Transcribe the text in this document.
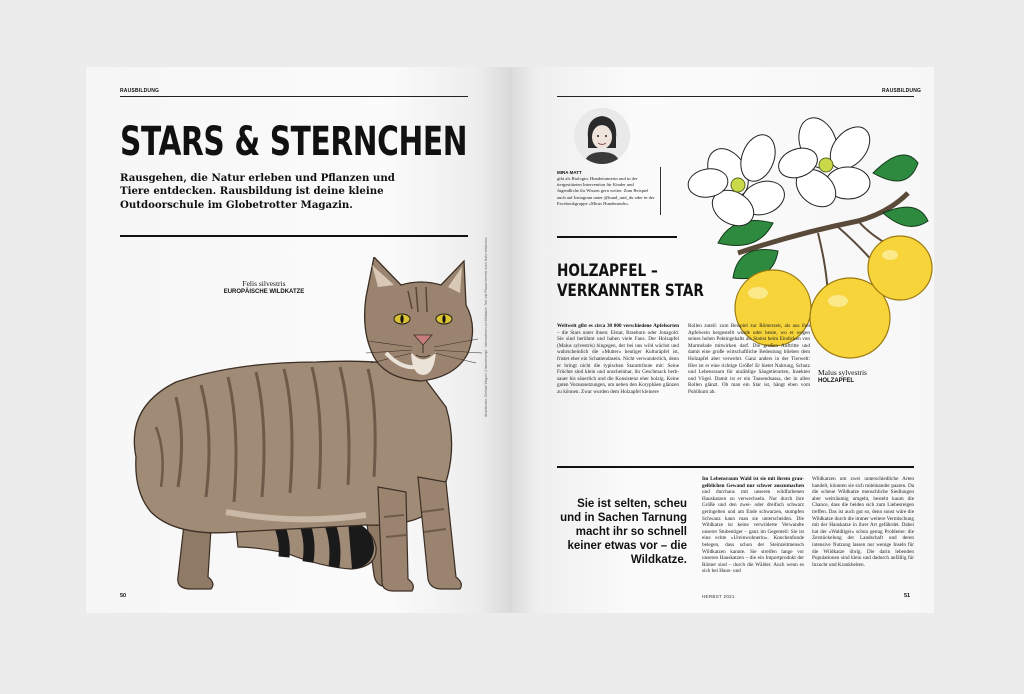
RAUSBILDUNG
STARS & STERNCHEN

Rausgehen, die Natur erleben und Pflanzen und Tiere entdecken. Rausbildung ist deine kleine Outdoorschule im Globetrotter Magazin.

Felis silvestris
EUROPÄISCHE WILDKATZE	Illustrationen: Gerlinde Wagner | Hamsterkampf · Informationen zur Wildkatze. Text und Pflanze bereitet in der Natur entdecken.
50
RAUSBILDUNG
MIRA MATT

gibt als Biologin, Hundetrainerin und in der tiergestützten Intervention für Kinder und Jugendliche ihr Wissen gern weiter. Zum Beispiel auch auf Instagram unter @hund_und_du oder in der Facebookgruppe »Mirus Hunderunde«.

HOLZAPFEL –
VERKANNTER STAR

Weltweit gibt es circa 30 000 verschiedene Apfelsorten – die Stars unter ihnen: Elstar, Braeburn oder Jonagold. Sie sind berühmt und haben viele Fans. Der Holzapfel (Malus sylvestris) hingegen, der bei uns wild wächst und wahrscheinlich die »Mutter« heutiger Kulturäpfel ist, fristet eher ein Schattendasein. Nicht verwunderlich, denn er bringt nicht die typischen Starattribute mit: Seine Früchte sind klein und unscheinbar, ihr Geschmack herb-sauer bis säuerlich und die Konsistenz eher holzig. Keine guten Voraussetzungen, um neben den Koryphäen glänzen zu können. Zwar wurden dem Holzapfel kleinere

Rollen zuteil: zum Beispiel zur Römerzeit, als aus ihm Apfelwein hergestellt wurde oder heute, wo er wegen seines hohen Pektingehalts als Statist beim Eindicken von Marmelade mitwirken darf. Die großen Auftritte und damit eine große wirtschaftliche Bedeutung blieben dem Holzapfel aber verwehrt. Ganz anders in der Tierwelt: Hier ist er eine richtige Größe! Er bietet Nahrung, Schutz und Lebensraum für unzählige Säugetierarten, Insekten und Vögel. Damit ist er ein Tausendsassa, der in allen Rollen glänzt. Ob man ein Star ist, hängt eben vom Publikum ab.

Malus sylvestris
HOLZAPFEL

Sie ist selten, scheu und in Sachen Tarnung macht ihr so schnell keiner etwas vor – die Wildkatze.

Im Lebensraum Wald ist sie mit ihrem grau-gelblichen Gewand nur schwer auszumachen und durchaus mit unseren wildfarbenen Hauskatzen zu verwechseln. Nur durch ihre Größe und den zwei- oder dreifach schwarz geringelten und am Ende schwarzen, stumpfen Schwanz kann man sie unterscheiden. Die Wildkatze ist keine verwilderte Verwandte unserer Stubentiger – ganz im Gegenteil: Sie ist eine echte »Ureinwohnerin«. Knochenfunde belegen, dass schon der Steinzeitmensch Wildkatzen kannte. Sie streifen lange vor unseren Hauskatzen – die ein Importprodukt der Römer sind – durch die Wälder. Auch wenn es sich bei Haus- und

Wildkatzen um zwei unterschiedliche Arten handelt, könnten sie sich miteinander paaren. Da die scheue Wildkatze menschliche Siedlungen aber weiträumig umgeht, besteht kaum die Chance, dass die beiden sich zum Liebesreigen treffen. Das ist auch gut so, denn sonst wäre die Wildkatze durch die immer weitere Vermischung mit der Hauskatze in ihrer Art gefährdet. Dabei hat der »Waldtiger« schon genug Probleme: die Zerstückelung der Landschaft und deren intensive Nutzung lassen nur wenige Inseln für die Wildkatze übrig. Die darin lebenden Populationen sind klein und dadurch anfällig für Inzucht und Krankheiten.

HERBST 2021	51
